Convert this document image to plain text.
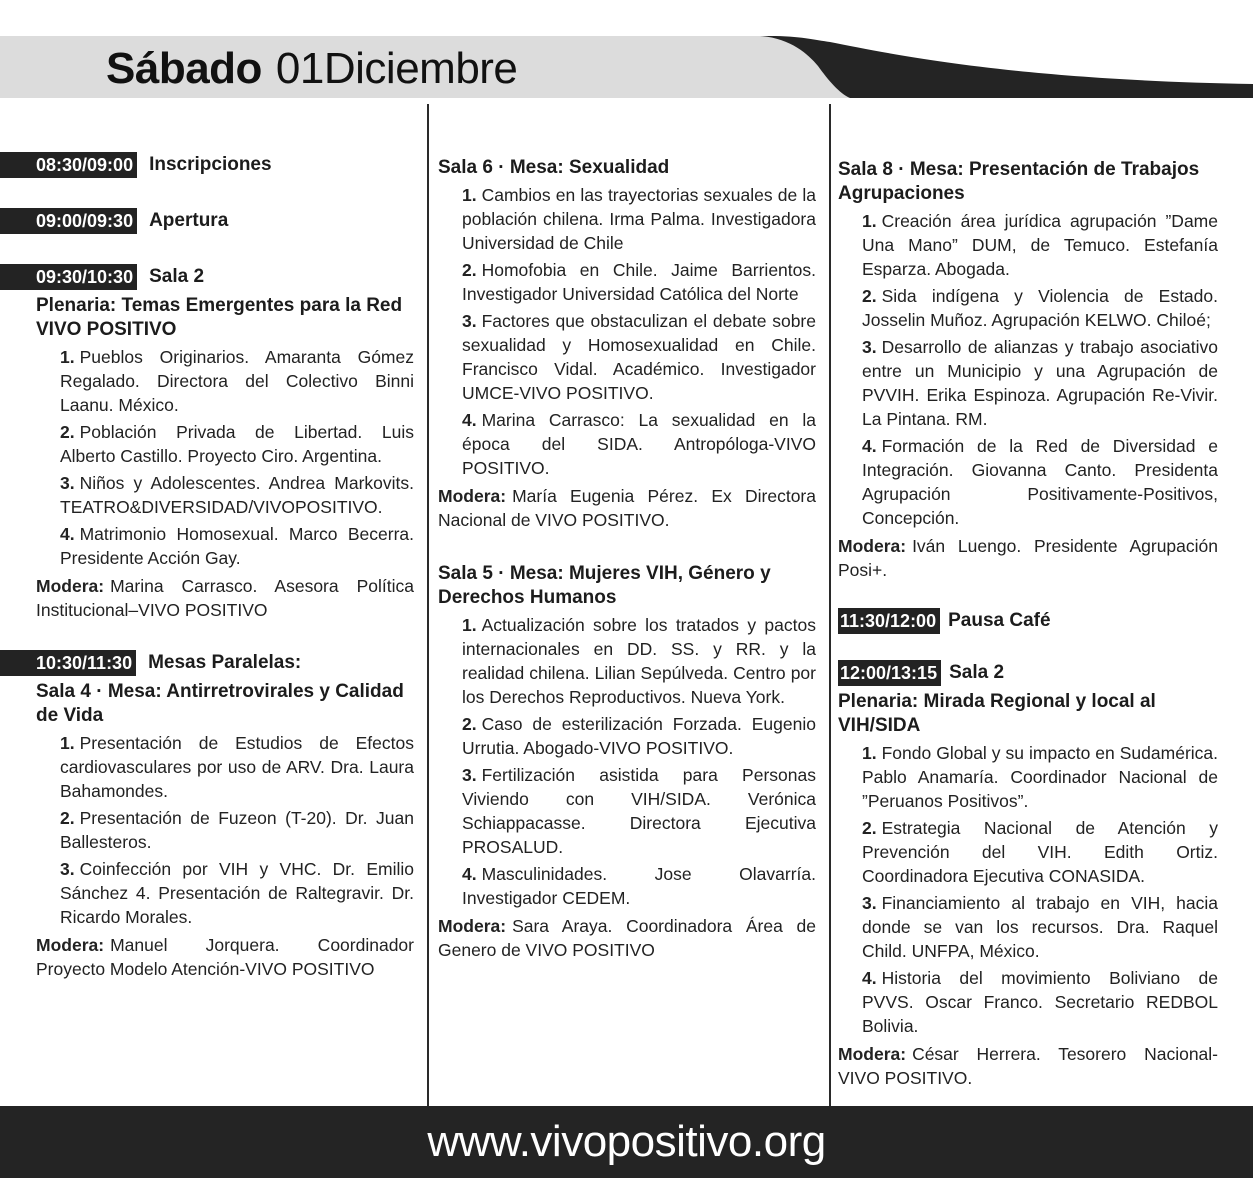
Sábado 01Diciembre
08:30/09:00 Inscripciones
09:00/09:30 Apertura
09:30/10:30 Sala 2
Plenaria: Temas Emergentes para la Red VIVO POSITIVO
1. Pueblos Originarios. Amaranta Gómez Regalado. Directora del Colectivo Binni Laanu. México.
2. Población Privada de Libertad. Luis Alberto Castillo. Proyecto Ciro. Argentina.
3. Niños y Adolescentes. Andrea Markovits. TEATRO&DIVERSIDAD/VIVOPOSITIVO.
4. Matrimonio Homosexual. Marco Becerra. Presidente Acción Gay.
Modera: Marina Carrasco. Asesora Política Institucional–VIVO POSITIVO
10:30/11:30 Mesas Paralelas:
Sala 4 · Mesa: Antirretrovirales y Calidad de Vida
1. Presentación de Estudios de Efectos cardiovasculares por uso de ARV. Dra. Laura Bahamondes.
2. Presentación de Fuzeon (T-20). Dr. Juan Ballesteros.
3. Coinfección por VIH y VHC. Dr. Emilio Sánchez 4. Presentación de Raltegravir. Dr. Ricardo Morales.
Modera: Manuel Jorquera. Coordinador Proyecto Modelo Atención-VIVO POSITIVO
Sala 6 · Mesa: Sexualidad
1. Cambios en las trayectorias sexuales de la población chilena. Irma Palma. Investigadora Universidad de Chile
2. Homofobia en Chile. Jaime Barrientos. Investigador Universidad Católica del Norte
3. Factores que obstaculizan el debate sobre sexualidad y Homosexualidad en Chile. Francisco Vidal. Académico. Investigador UMCE-VIVO POSITIVO.
4. Marina Carrasco: La sexualidad en la época del SIDA. Antropóloga-VIVO POSITIVO.
Modera: María Eugenia Pérez. Ex Directora Nacional de VIVO POSITIVO.
Sala 5 · Mesa: Mujeres VIH, Género y Derechos Humanos
1. Actualización sobre los tratados y pactos internacionales en DD. SS. y RR. y la realidad chilena. Lilian Sepúlveda. Centro por los Derechos Reproductivos. Nueva York.
2. Caso de esterilización Forzada. Eugenio Urrutia. Abogado-VIVO POSITIVO.
3. Fertilización asistida para Personas Viviendo con VIH/SIDA. Verónica Schiappacasse. Directora Ejecutiva PROSALUD.
4. Masculinidades. Jose Olavarría. Investigador CEDEM.
Modera: Sara Araya. Coordinadora Área de Genero de VIVO POSITIVO
Sala 8 · Mesa: Presentación de Trabajos Agrupaciones
1. Creación área jurídica agrupación ”Dame Una Mano” DUM, de Temuco. Estefanía Esparza. Abogada.
2. Sida indígena y Violencia de Estado. Josselin Muñoz. Agrupación KELWO. Chiloé;
3. Desarrollo de alianzas y trabajo asociativo entre un Municipio y una Agrupación de PVVIH. Erika Espinoza. Agrupación Re-Vivir. La Pintana. RM.
4. Formación de la Red de Diversidad e Integración. Giovanna Canto. Presidenta Agrupación Positivamente-Positivos, Concepción.
Modera: Iván Luengo. Presidente Agrupación Posi+.
11:30/12:00 Pausa Café
12:00/13:15 Sala 2
Plenaria: Mirada Regional y local al VIH/SIDA
1. Fondo Global y su impacto en Sudamérica. Pablo Anamaría. Coordinador Nacional de ”Peruanos Positivos”.
2. Estrategia Nacional de Atención y Prevención del VIH. Edith Ortiz. Coordinadora Ejecutiva CONASIDA.
3. Financiamiento al trabajo en VIH, hacia donde se van los recursos. Dra. Raquel Child. UNFPA, México.
4. Historia del movimiento Boliviano de PVVS. Oscar Franco. Secretario REDBOL Bolivia.
Modera: César Herrera. Tesorero Nacional-VIVO POSITIVO.
www.vivopositivo.org
